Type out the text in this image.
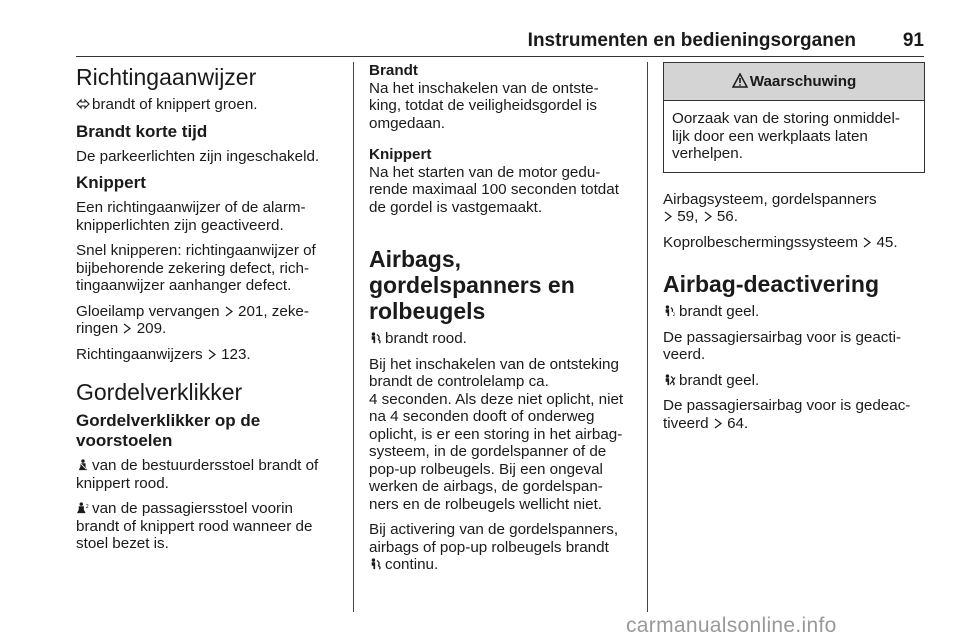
Instrumenten en bedieningsorganen 91
Richtingaanwijzer

brandt of knippert groen.

Brandt korte tijd

De parkeerlichten zijn ingeschakeld.

Knippert

Een richtingaanwijzer of de alarm-
knipperlichten zijn geactiveerd.

Snel knipperen: richtingaanwijzer of
bijbehorende zekering defect, rich-
tingaanwijzer aanhanger defect.

Gloeilamp vervangen 201, zeke-
ringen 209.

Richtingaanwijzers 123.

Gordelverklikker
Gordelverklikker op de
voorstoelen

van de bestuurdersstoel brandt of
knippert rood.

2 van de passagiersstoel voorin
brandt of knippert rood wanneer de
stoel bezet is.

Brandt

Na het inschakelen van de ontste-
king, totdat de veiligheidsgordel is
omgedaan.

Knippert

Na het starten van de motor gedu-
rende maximaal 100 seconden totdat
de gordel is vastgemaakt.

Airbags, gordelspanners en
rolbeugels

brandt rood.

Bij het inschakelen van de ontsteking
brandt de controlelamp ca.
4 seconden. Als deze niet oplicht, niet
na 4 seconden dooft of onderweg
oplicht, is er een storing in het airbag-
systeem, in de gordelspanner of de
pop-up rolbeugels. Bij een ongeval
werken de airbags, de gordelspan-
ners en de rolbeugels wellicht niet.

Bij activering van de gordelspanners,
airbags of pop-up rolbeugels brandt
continu.

Waarschuwing
Oorzaak van de storing onmiddel-
lijk door een werkplaats laten
verhelpen.

Airbagsysteem, gordelspanners
59, 56.

Koprolbeschermingssysteem 45.

Airbag-deactivering

2 brandt geel.

De passagiersairbag voor is geacti-
veerd.

brandt geel.

De passagiersairbag voor is gedeac-
tiveerd 64.

carmanualsonline.info
